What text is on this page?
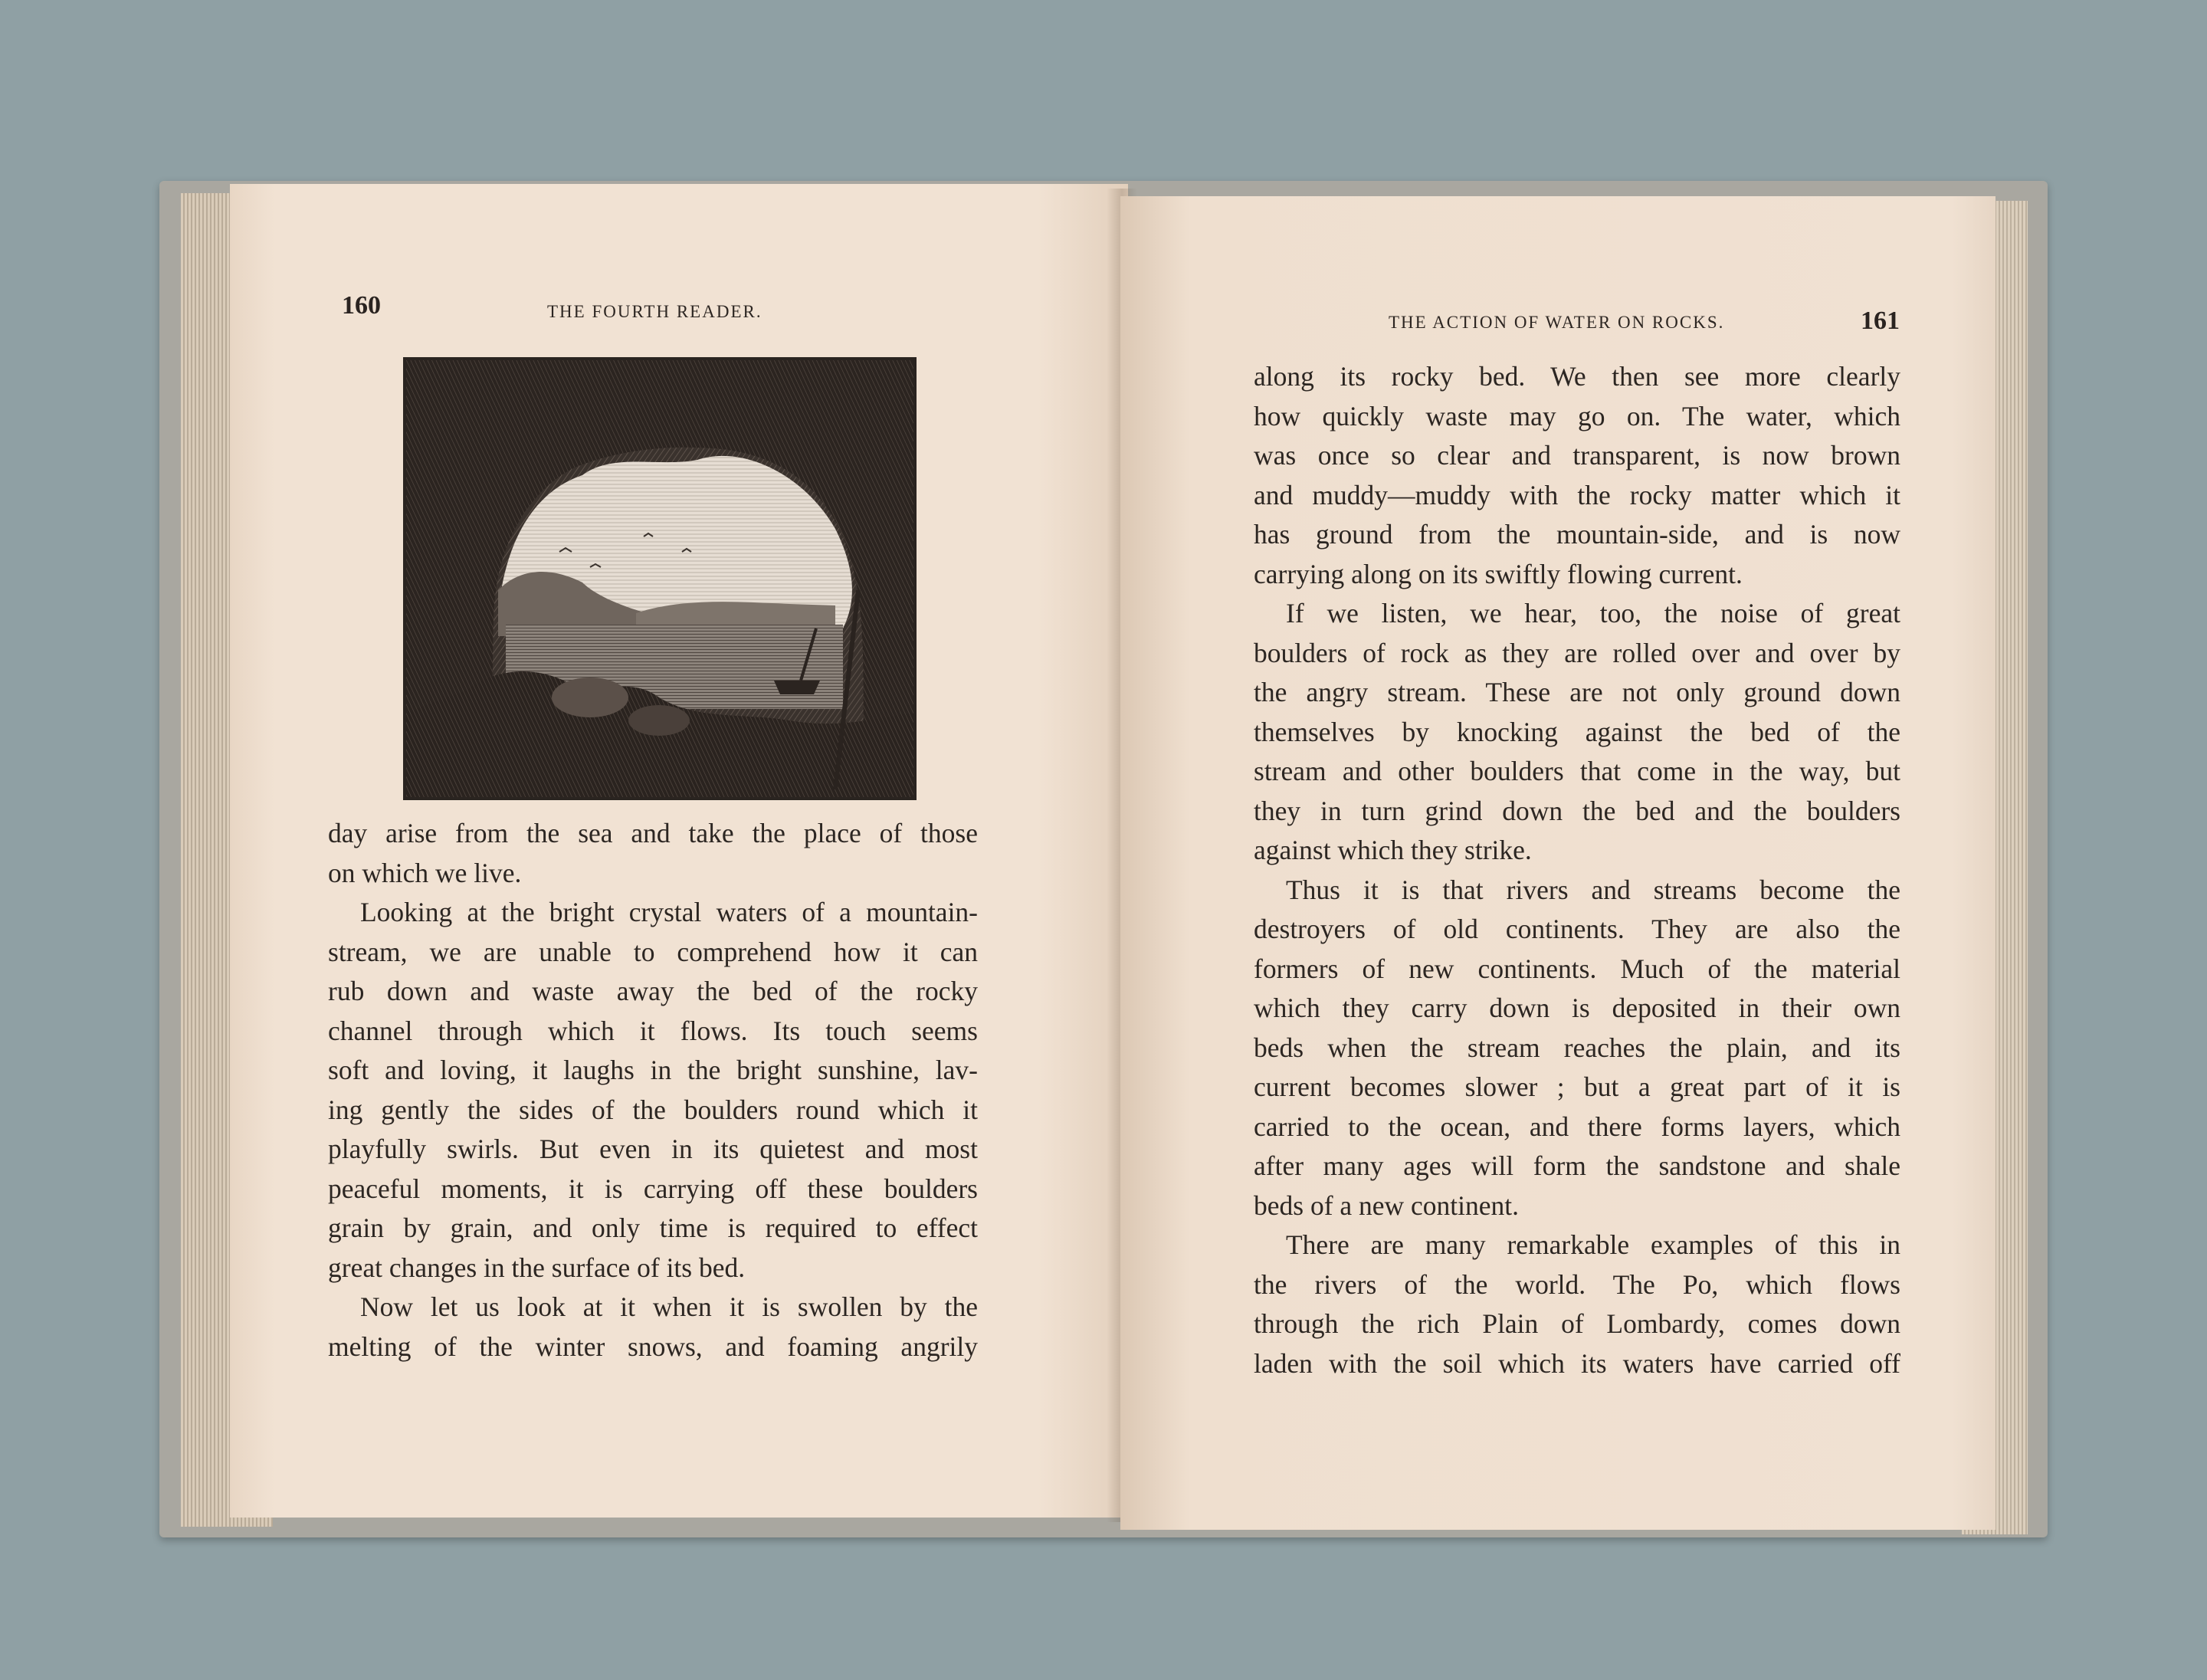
160	THE FOURTH READER.
day arise from the sea and take the place of those
on which we live.
Looking at the bright crystal waters of a mountain-
stream, we are unable to comprehend how it can
rub down and waste away the bed of the rocky
channel through which it flows. Its touch seems
soft and loving, it laughs in the bright sunshine, lav-
ing gently the sides of the boulders round which it
playfully swirls. But even in its quietest and most
peaceful moments, it is carrying off these boulders
grain by grain, and only time is required to effect
great changes in the surface of its bed.
Now let us look at it when it is swollen by the
melting of the winter snows, and foaming angrily
THE ACTION OF WATER ON ROCKS.	161
along its rocky bed. We then see more clearly
how quickly waste may go on. The water, which
was once so clear and transparent, is now brown
and muddy—muddy with the rocky matter which it
has ground from the mountain-side, and is now
carrying along on its swiftly flowing current.
If we listen, we hear, too, the noise of great
boulders of rock as they are rolled over and over by
the angry stream. These are not only ground down
themselves by knocking against the bed of the
stream and other boulders that come in the way, but
they in turn grind down the bed and the boulders
against which they strike.
Thus it is that rivers and streams become the
destroyers of old continents. They are also the
formers of new continents. Much of the material
which they carry down is deposited in their own
beds when the stream reaches the plain, and its
current becomes slower ; but a great part of it is
carried to the ocean, and there forms layers, which
after many ages will form the sandstone and shale
beds of a new continent.
There are many remarkable examples of this in
the rivers of the world. The Po, which flows
through the rich Plain of Lombardy, comes down
laden with the soil which its waters have carried off
